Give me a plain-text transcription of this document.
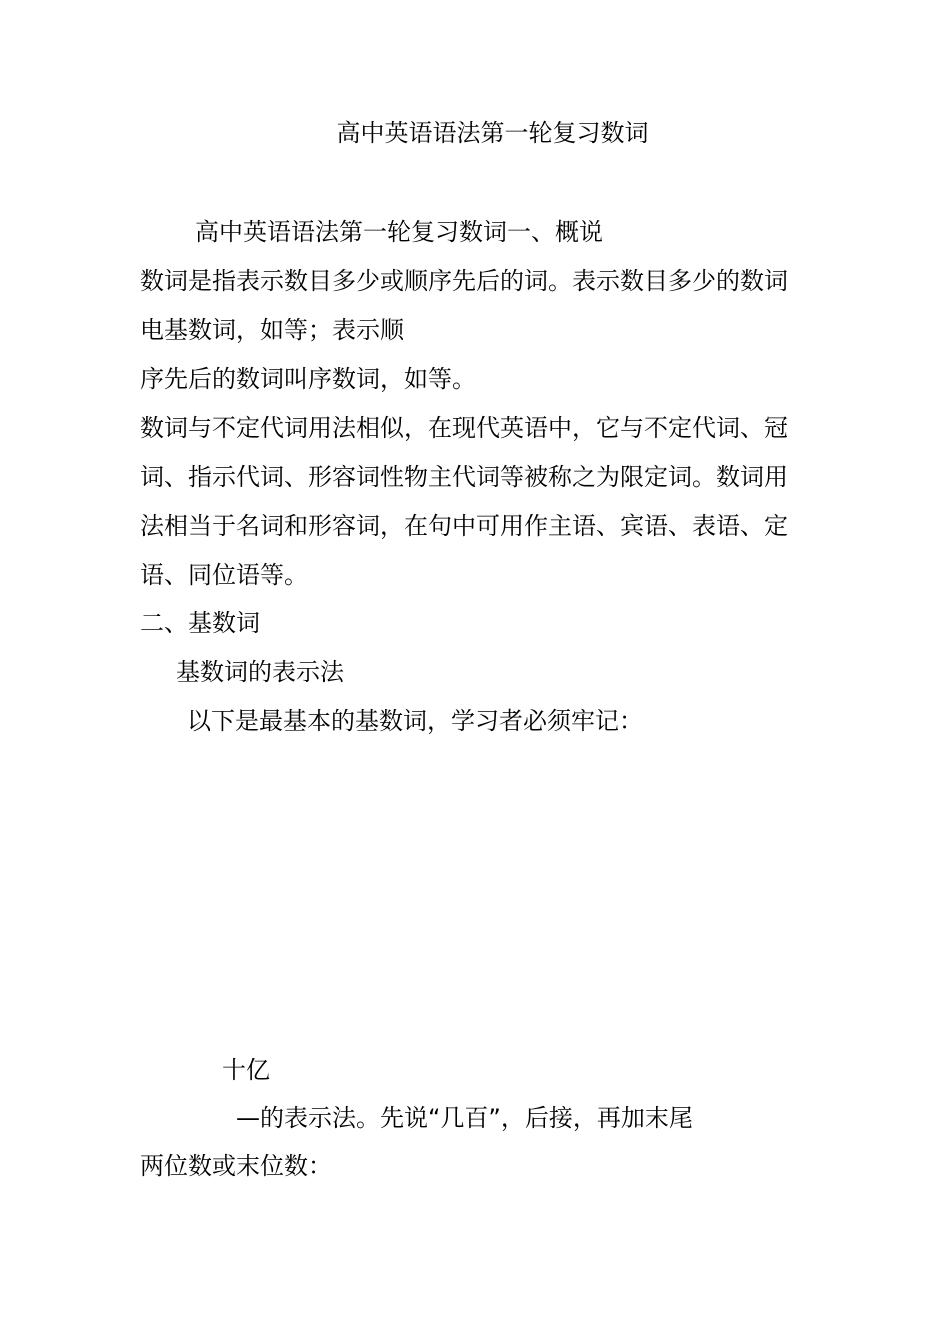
高中英语语法第一轮复习数词
高中英语语法第一轮复习数词一、概说
数词是指表示数目多少或顺序先后的词。表示数目多少的数词
电基数词，如等；表示顺
序先后的数词叫序数词，如等。
数词与不定代词用法相似，在现代英语中，它与不定代词、冠
词、指示代词、形容词性物主代词等被称之为限定词。数词用
法相当于名词和形容词，在句中可用作主语、宾语、表语、定
语、同位语等。
二、基数词
基数词的表示法
以下是最基本的基数词，学习者必须牢记：
十亿
—的表示法。先说“几百”，后接，再加末尾
两位数或末位数：
